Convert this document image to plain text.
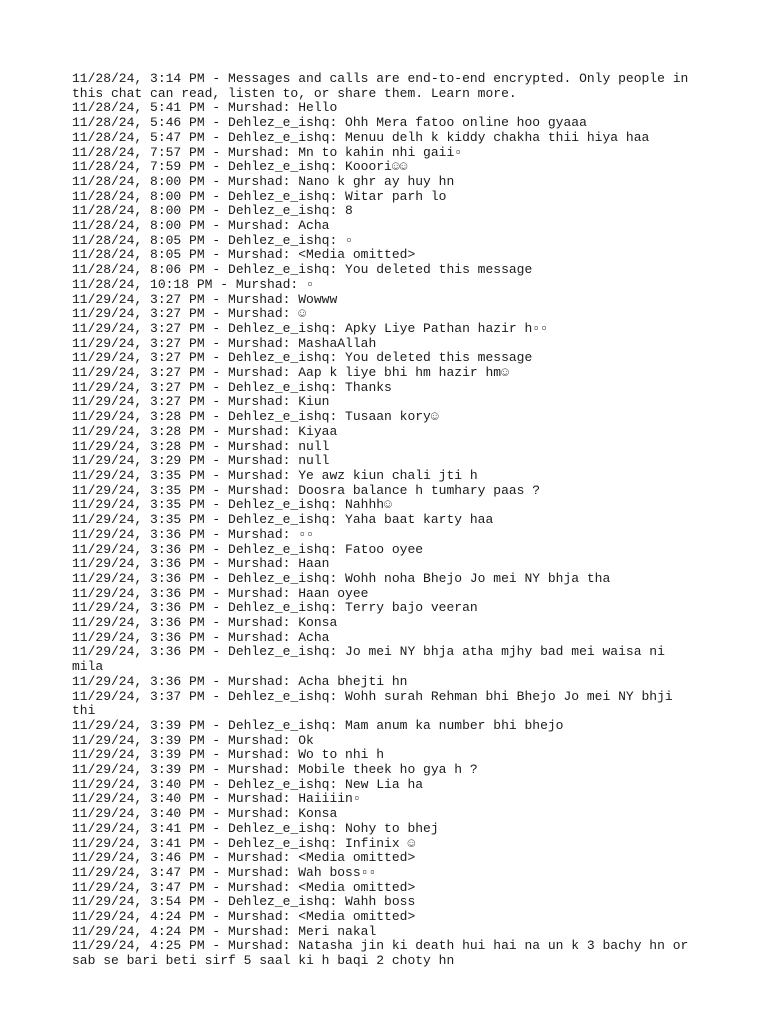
11/28/24, 3:14 PM - Messages and calls are end-to-end encrypted. Only people in this chat can read, listen to, or share them. Learn more.
11/28/24, 5:41 PM - Murshad: Hello
11/28/24, 5:46 PM - Dehlez_e_ishq: Ohh Mera fatoo online hoo gyaaa
11/28/24, 5:47 PM - Dehlez_e_ishq: Menuu delh k kiddy chakha thii hiya haa
11/28/24, 7:57 PM - Murshad: Mn to kahin nhi gaii▫
11/28/24, 7:59 PM - Dehlez_e_ishq: Kooori☺☺
11/28/24, 8:00 PM - Murshad: Nano k ghr ay huy hn
11/28/24, 8:00 PM - Dehlez_e_ishq: Witar parh lo
11/28/24, 8:00 PM - Dehlez_e_ishq: 8
11/28/24, 8:00 PM - Murshad: Acha
11/28/24, 8:05 PM - Dehlez_e_ishq: ▫
11/28/24, 8:05 PM - Murshad: <Media omitted>
11/28/24, 8:06 PM - Dehlez_e_ishq: You deleted this message
11/28/24, 10:18 PM - Murshad: ▫
11/29/24, 3:27 PM - Murshad: Wowww
11/29/24, 3:27 PM - Murshad: ☺
11/29/24, 3:27 PM - Dehlez_e_ishq: Apky Liye Pathan hazir h▫▫
11/29/24, 3:27 PM - Murshad: MashaAllah
11/29/24, 3:27 PM - Dehlez_e_ishq: You deleted this message
11/29/24, 3:27 PM - Murshad: Aap k liye bhi hm hazir hm☺
11/29/24, 3:27 PM - Dehlez_e_ishq: Thanks
11/29/24, 3:27 PM - Murshad: Kiun
11/29/24, 3:28 PM - Dehlez_e_ishq: Tusaan kory☺
11/29/24, 3:28 PM - Murshad: Kiyaa
11/29/24, 3:28 PM - Murshad: null
11/29/24, 3:29 PM - Murshad: null
11/29/24, 3:35 PM - Murshad: Ye awz kiun chali jti h
11/29/24, 3:35 PM - Murshad: Doosra balance h tumhary paas ?
11/29/24, 3:35 PM - Dehlez_e_ishq: Nahhh☺
11/29/24, 3:35 PM - Dehlez_e_ishq: Yaha baat karty haa
11/29/24, 3:36 PM - Murshad: ▫▫
11/29/24, 3:36 PM - Dehlez_e_ishq: Fatoo oyee
11/29/24, 3:36 PM - Murshad: Haan
11/29/24, 3:36 PM - Dehlez_e_ishq: Wohh noha Bhejo Jo mei NY bhja tha
11/29/24, 3:36 PM - Murshad: Haan oyee
11/29/24, 3:36 PM - Dehlez_e_ishq: Terry bajo veeran
11/29/24, 3:36 PM - Murshad: Konsa
11/29/24, 3:36 PM - Murshad: Acha
11/29/24, 3:36 PM - Dehlez_e_ishq: Jo mei NY bhja atha mjhy bad mei waisa ni mila
11/29/24, 3:36 PM - Murshad: Acha bhejti hn
11/29/24, 3:37 PM - Dehlez_e_ishq: Wohh surah Rehman bhi Bhejo Jo mei NY bhji thi
11/29/24, 3:39 PM - Dehlez_e_ishq: Mam anum ka number bhi bhejo
11/29/24, 3:39 PM - Murshad: Ok
11/29/24, 3:39 PM - Murshad: Wo to nhi h
11/29/24, 3:39 PM - Murshad: Mobile theek ho gya h ?
11/29/24, 3:40 PM - Dehlez_e_ishq: New Lia ha
11/29/24, 3:40 PM - Murshad: Haiiiin▫
11/29/24, 3:40 PM - Murshad: Konsa
11/29/24, 3:41 PM - Dehlez_e_ishq: Nohy to bhej
11/29/24, 3:41 PM - Dehlez_e_ishq: Infinix ☺
11/29/24, 3:46 PM - Murshad: <Media omitted>
11/29/24, 3:47 PM - Murshad: Wah boss▫▫
11/29/24, 3:47 PM - Murshad: <Media omitted>
11/29/24, 3:54 PM - Dehlez_e_ishq: Wahh boss
11/29/24, 4:24 PM - Murshad: <Media omitted>
11/29/24, 4:24 PM - Murshad: Meri nakal
11/29/24, 4:25 PM - Murshad: Natasha jin ki death hui hai na un k 3 bachy hn or sab se bari beti sirf 5 saal ki h baqi 2 choty hn
